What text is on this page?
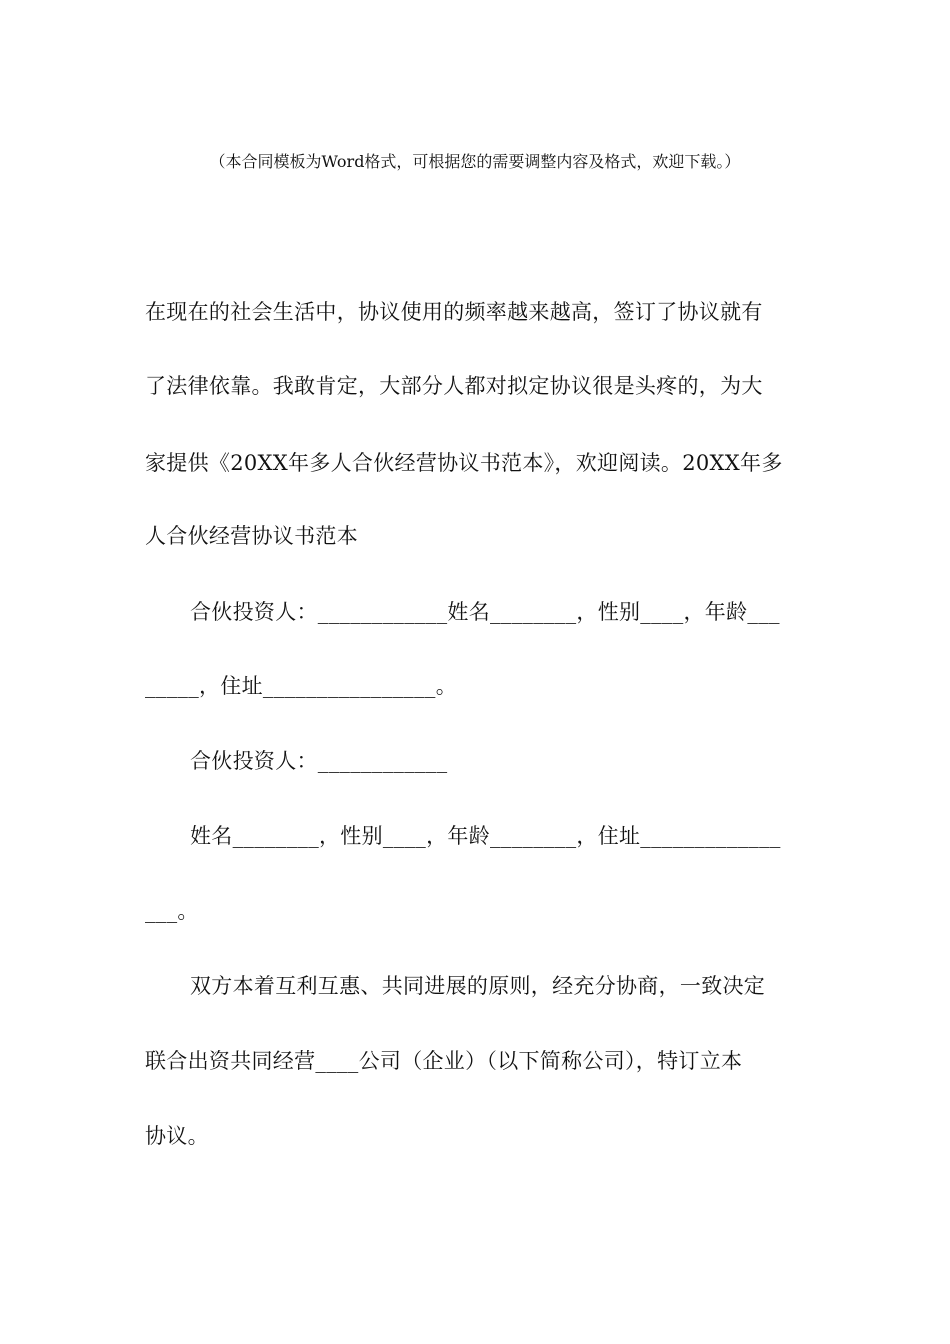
（本合同模板为Word格式，可根据您的需要调整内容及格式，欢迎下载。）
在现在的社会生活中，协议使用的频率越来越高，签订了协议就有
了法律依靠。我敢肯定，大部分人都对拟定协议很是头疼的，为大
家提供《20XX年多人合伙经营协议书范本》，欢迎阅读。20XX年多
人合伙经营协议书范本
合伙投资人：____________姓名________，性别____，年龄___
_____，住址________________。
合伙投资人：____________
姓名________，性别____，年龄________，住址_____________
___。
双方本着互利互惠、共同进展的原则，经充分协商，一致决定
联合出资共同经营____公司（企业）（以下简称公司），特订立本
协议。
